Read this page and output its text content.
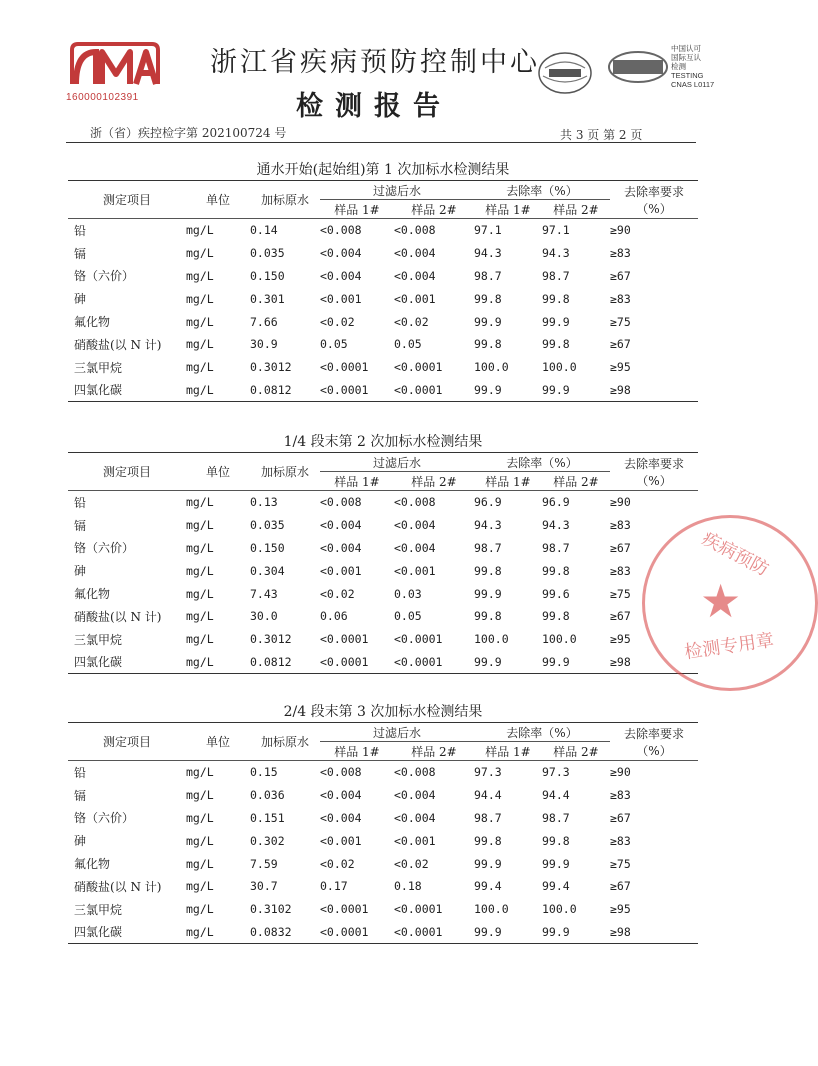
160000102391
浙江省疾病预防控制中心
检测报告
中国认可
国际互认
检测
TESTING
CNAS L0117
浙（省）疾控检字第 202100724 号	共 3 页 第 2 页
通水开始(起始组)第 1 次加标水检测结果
测定项目	单位	加标原水	过滤后水		去除率（%）		去除率要求
（%）

			样品 1#	样品 2#	样品 1#	样品 2#	
铅	mg/L	0.14	<0.008	<0.008	97.1	97.1	≥90
镉	mg/L	0.035	<0.004	<0.004	94.3	94.3	≥83
铬（六价）	mg/L	0.150	<0.004	<0.004	98.7	98.7	≥67
砷	mg/L	0.301	<0.001	<0.001	99.8	99.8	≥83
氟化物	mg/L	7.66	<0.02	<0.02	99.9	99.9	≥75
硝酸盐(以 N 计)	mg/L	30.9	0.05	0.05	99.8	99.8	≥67
三氯甲烷	mg/L	0.3012	<0.0001	<0.0001	100.0	100.0	≥95
四氯化碳	mg/L	0.0812	<0.0001	<0.0001	99.9	99.9	≥98
1/4 段末第 2 次加标水检测结果
测定项目	单位	加标原水	过滤后水		去除率（%）		去除率要求
（%）

			样品 1#	样品 2#	样品 1#	样品 2#	
铅	mg/L	0.13	<0.008	<0.008	96.9	96.9	≥90
镉	mg/L	0.035	<0.004	<0.004	94.3	94.3	≥83
铬（六价）	mg/L	0.150	<0.004	<0.004	98.7	98.7	≥67
砷	mg/L	0.304	<0.001	<0.001	99.8	99.8	≥83
氟化物	mg/L	7.43	<0.02	0.03	99.9	99.6	≥75
硝酸盐(以 N 计)	mg/L	30.0	0.06	0.05	99.8	99.8	≥67
三氯甲烷	mg/L	0.3012	<0.0001	<0.0001	100.0	100.0	≥95
四氯化碳	mg/L	0.0812	<0.0001	<0.0001	99.9	99.9	≥98
2/4 段末第 3 次加标水检测结果
测定项目	单位	加标原水	过滤后水		去除率（%）		去除率要求
（%）

			样品 1#	样品 2#	样品 1#	样品 2#	
铅	mg/L	0.15	<0.008	<0.008	97.3	97.3	≥90
镉	mg/L	0.036	<0.004	<0.004	94.4	94.4	≥83
铬（六价）	mg/L	0.151	<0.004	<0.004	98.7	98.7	≥67
砷	mg/L	0.302	<0.001	<0.001	99.8	99.8	≥83
氟化物	mg/L	7.59	<0.02	<0.02	99.9	99.9	≥75
硝酸盐(以 N 计)	mg/L	30.7	0.17	0.18	99.4	99.4	≥67
三氯甲烷	mg/L	0.3102	<0.0001	<0.0001	100.0	100.0	≥95
四氯化碳	mg/L	0.0832	<0.0001	<0.0001	99.9	99.9	≥98
疾病预防
★
检测专用章
